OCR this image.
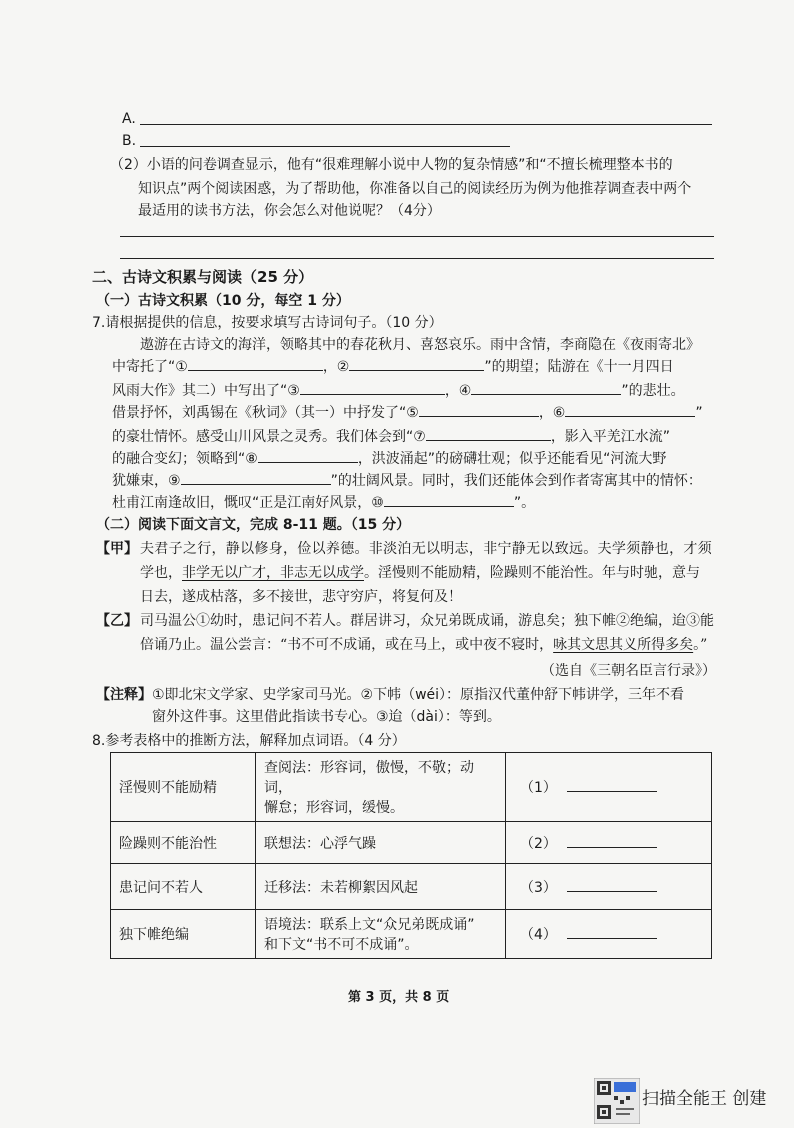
A.
B.
（2）小语的问卷调查显示，他有“很难理解小说中人物的复杂情感”和“不擅长梳理整本书的
知识点”两个阅读困惑，为了帮助他，你准备以自己的阅读经历为例为他推荐调查表中两个
最适用的读书方法，你会怎么对他说呢？（4分）
二、古诗文积累与阅读（25 分）
（一）古诗文积累（10 分，每空 1 分）
7.请根据提供的信息，按要求填写古诗词句子。（10 分）
遨游在古诗文的海洋，领略其中的春花秋月、喜怒哀乐。雨中含情，李商隐在《夜雨寄北》
中寄托了“①	，②	”的期望；陆游在《十一月四日
风雨大作》其二）中写出了“③	，④	”的悲壮。
借景抒怀，刘禹锡在《秋词》（其一）中抒发了“⑤	，⑥	”
的豪壮情怀。感受山川风景之灵秀。我们体会到“⑦	，影入平羌江水流”
的融合变幻；领略到“⑧	，洪波涌起”的磅礴壮观；似乎还能看见“河流大野
犹嫌束，⑨	”的壮阔风景。同时，我们还能体会到作者寄寓其中的情怀：
杜甫江南逢故旧，慨叹“正是江南好风景，⑩	”。
（二）阅读下面文言文，完成 8-11 题。（15 分）
【甲】 夫君子之行，静以修身，俭以养德。非淡泊无以明志，非宁静无以致远。夫学须静也，才须
学也，非学无以广才，非志无以成学。淫慢则不能励精，险躁则不能治性。年与时驰，意与
日去，遂成枯落，多不接世，悲守穷庐，将复何及！
【乙】 司马温公①幼时，患记问不若人。群居讲习，众兄弟既成诵，游息矣；独下帷②绝编，迨③能
倍诵乃止。温公尝言：“书不可不成诵，或在马上，或中夜不寝时，咏其文思其义所得多矣。”
（选自《三朝名臣言行录》）
【注释】 ①即北宋文学家、史学家司马光。②下帏（wéi）：原指汉代董仲舒下帏讲学，三年不看
窗外这件事。这里借此指读书专心。③迨（dài）：等到。
8.参考表格中的推断方法，解释加点词语。（4 分）
淫慢则不能励精	查阅法：形容词，傲慢，不敬；动词，
懈怠；形容词，缓慢。	（1）
险躁则不能治性	联想法：心浮气躁	（2）
患记问不若人	迁移法：未若柳絮因风起	（3）
独下帷绝编	语境法：联系上文“众兄弟既成诵”
和下文“书不可不成诵”。	（4）
第 3 页，共 8 页
扫描全能王 创建
